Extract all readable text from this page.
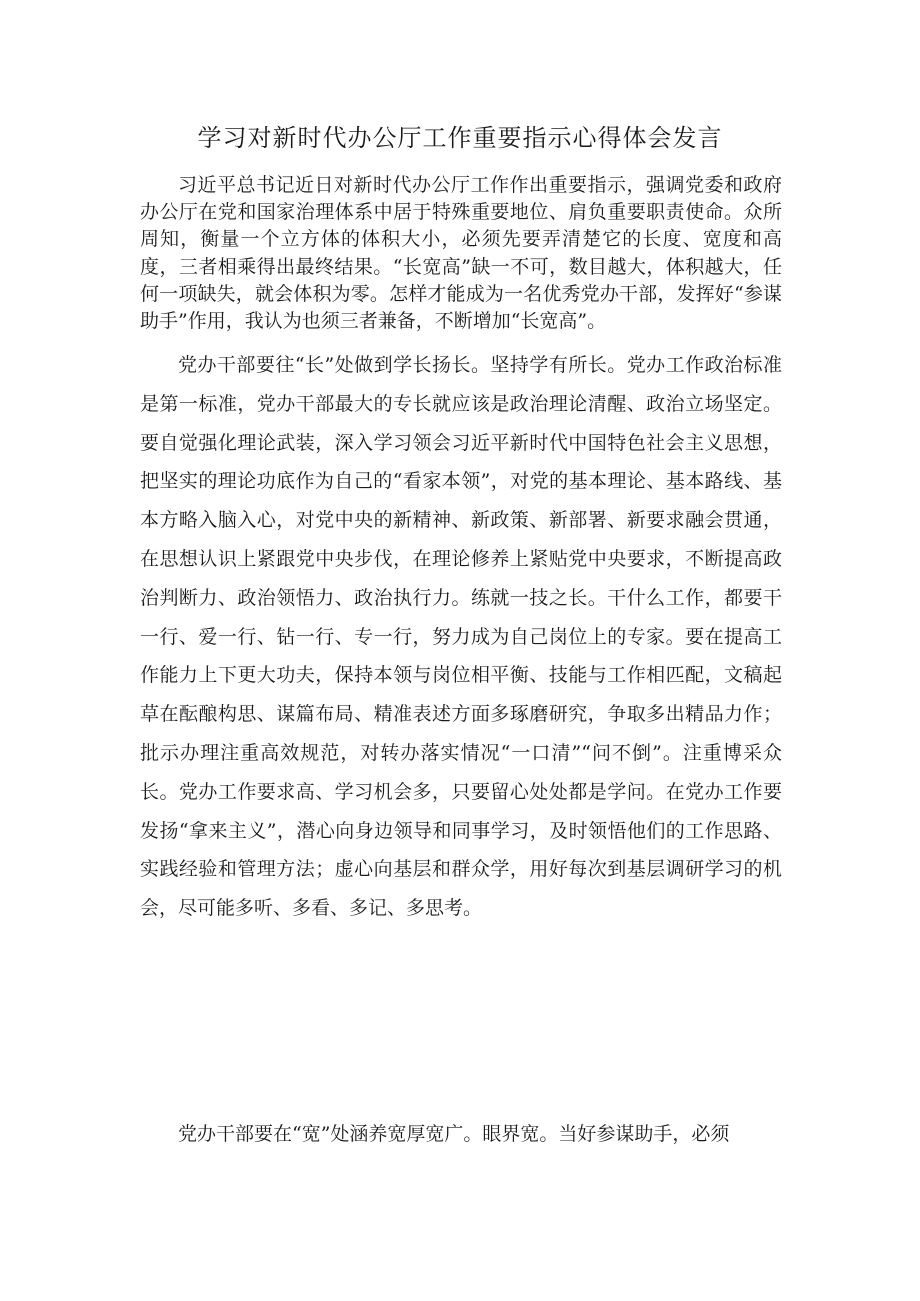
学习对新时代办公厅工作重要指示心得体会发言

习近平总书记近日对新时代办公厅工作作出重要指示，强调党委和政府办公厅在党和国家治理体系中居于特殊重要地位、肩负重要职责使命。众所周知，衡量一个立方体的体积大小，必须先要弄清楚它的长度、宽度和高度，三者相乘得出最终结果。“长宽高”缺一不可，数目越大，体积越大，任何一项缺失，就会体积为零。怎样才能成为一名优秀党办干部，发挥好“参谋助手”作用，我认为也须三者兼备，不断增加“长宽高”。

党办干部要往“长”处做到学长扬长。坚持学有所长。党办工作政治标准是第一标准，党办干部最大的专长就应该是政治理论清醒、政治立场坚定。要自觉强化理论武装，深入学习领会习近平新时代中国特色社会主义思想，把坚实的理论功底作为自己的“看家本领”，对党的基本理论、基本路线、基本方略入脑入心，对党中央的新精神、新政策、新部署、新要求融会贯通，在思想认识上紧跟党中央步伐，在理论修养上紧贴党中央要求，不断提高政治判断力、政治领悟力、政治执行力。练就一技之长。干什么工作，都要干一行、爱一行、钻一行、专一行，努力成为自己岗位上的专家。要在提高工作能力上下更大功夫，保持本领与岗位相平衡、技能与工作相匹配，文稿起草在酝酿构思、谋篇布局、精准表述方面多琢磨研究，争取多出精品力作；批示办理注重高效规范，对转办落实情况“一口清”“问不倒”。注重博采众长。党办工作要求高、学习机会多，只要留心处处都是学问。在党办工作要发扬“拿来主义”，潜心向身边领导和同事学习，及时领悟他们的工作思路、实践经验和管理方法；虚心向基层和群众学，用好每次到基层调研学习的机会，尽可能多听、多看、多记、多思考。

党办干部要在“宽”处涵养宽厚宽广。眼界宽。当好参谋助手，必须
